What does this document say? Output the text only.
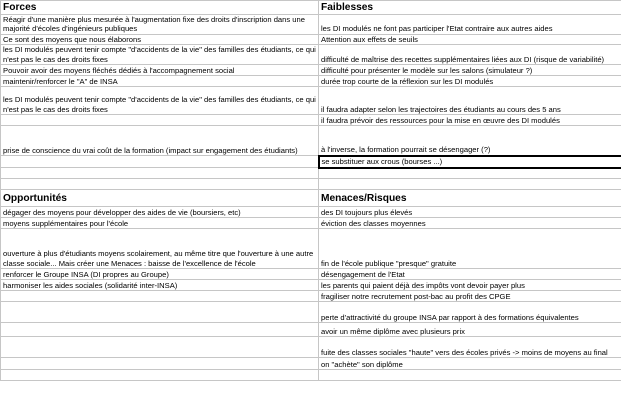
Forces	Faiblesses
Réagir d'une manière plus mesurée à l'augmentation fixe des droits d'inscription dans une majorité d'écoles d'ingénieurs publiques	les DI modulés ne font pas participer l'Etat contraire aux autres aides
Ce sont des moyens que nous élaborons	Attention aux effets de seuils
les DI modulés peuvent tenir compte "d'accidents de la vie" des familles des étudiants, ce qui n'est pas le cas des droits fixes	difficulté de maîtrise des recettes supplémentaires liées aux DI (risque de variabilité)
Pouvoir avoir des moyens fléchés dédiés à l'accompagnement social	difficulté pour présenter le modèle sur les salons (simulateur ?)
maintenir/renforcer le "A" de INSA	durée trop courte de la réflexion sur les DI modulés
les DI modulés peuvent tenir compte "d'accidents de la vie" des familles des étudiants, ce qui n'est pas le cas des droits fixes	il faudra adapter selon les trajectoires des étudiants au cours des 5 ans
	il faudra prévoir des ressources pour la mise en œuvre des DI modulés
prise de conscience du vrai coût de la formation (impact sur engagement des étudiants)	à l'inverse, la formation pourrait se désengager (?)
	se substituer aux crous (bourses ...)

Opportunités	Menaces/Risques
dégager des moyens pour développer des aides de vie (boursiers, etc)	des DI toujours plus élevés
moyens supplémentaires pour l'école	éviction des classes moyennes
ouverture à plus d'étudiants moyens scolairement, au même titre que l'ouverture à une autre classe sociale... Mais créer une Menaces : baisse de l'excellence de l'école	fin de l'école publique "presque" gratuite
renforcer le Groupe INSA (DI propres au Groupe)	désengagement de l'Etat
harmoniser les aides sociales (solidarité inter-INSA)	les parents qui paient déjà des impôts vont devoir payer plus
	fragiliser notre recrutement post-bac au profit des CPGE
	perte d'attractivité du groupe INSA par rapport à des formations équivalentes
	avoir un même diplôme avec plusieurs prix
	fuite des classes sociales "haute" vers des écoles privés -> moins de moyens au final
	on "achète" son diplôme
